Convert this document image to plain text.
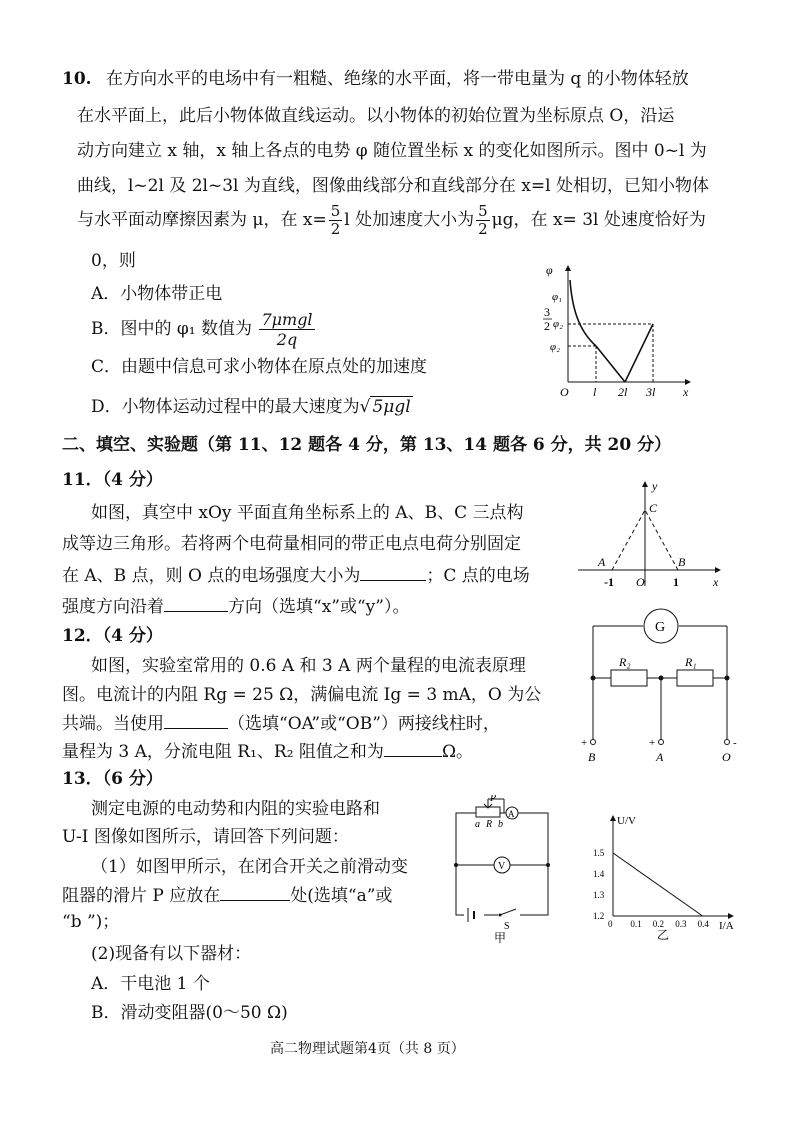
10. 在方向水平的电场中有一粗糙、绝缘的水平面，将一带电量为 q 的小物体轻放
在水平面上，此后小物体做直线运动。以小物体的初始位置为坐标原点 O，沿运
动方向建立 x 轴，x 轴上各点的电势 φ 随位置坐标 x 的变化如图所示。图中 0~l 为
曲线，l~2l 及 2l~3l 为直线，图像曲线部分和直线部分在 x=l 处相切，已知小物体
与水平面动摩擦因素为 μ，在 $x= \frac{5}{2}$ l 处加速度大小为 $\frac{5}{2}$ μg，在 x= 3l 处速度恰好为
0，则
A．小物体带正电
B．图中的 φ₁ 数值为 $\frac{\text{7μmgl}}{2q}$
C．由题中信息可求小物体在原点处的加速度
D．小物体运动过程中的最大速度为√ 5μgl
φ
φ₁
3
2 φ₂
φ₂
O l 2l 3l x
二、填空、实验题（第 11、12 题各 4 分，第 13、14 题各 6 分，共 20 分）
11．（4 分）
如图，真空中 xOy 平面直角坐标系上的 A、B、C 三点构
成等边三角形。若将两个电荷量相同的带正电点电荷分别固定
在 A、B 点，则 O 点的电场强度大小为	；C 点的电场
强度方向沿着	方向（选填“x”或“y”）。
y
C
A	B
-1 O 1	x
12．（4 分）
如图，实验室常用的 0.6 A 和 3 A 两个量程的电流表原理
图。电流计的内阻 Rg = 25 Ω，满偏电流 Ig = 3 mA，O 为公
共端。当使用	（选填“OA”或“OB”）两接线柱时，
量程为 3 A，分流电阻 R₁、R₂ 阻值之和为	Ω。
G
R₂	R₁
+	+	-
B	A	O
13．（6 分）
测定电源的电动势和内阻的实验电路和
U-I 图像如图所示，请回答下列问题：
（1）如图甲所示，在闭合开关之前滑动变
阻器的滑片 P 应放在	处(选填“a”或
“b ”)；
(2)现备有以下器材：
A．干电池 1 个
B．滑动变阻器(0～50 Ω)
A
P
a R b
V
S
甲
U/V
I/A
0 0.1 0.2 0.3 0.4
1.2
1.3
1.4
1.5
乙
高二物理试题第4页（共 8 页）
